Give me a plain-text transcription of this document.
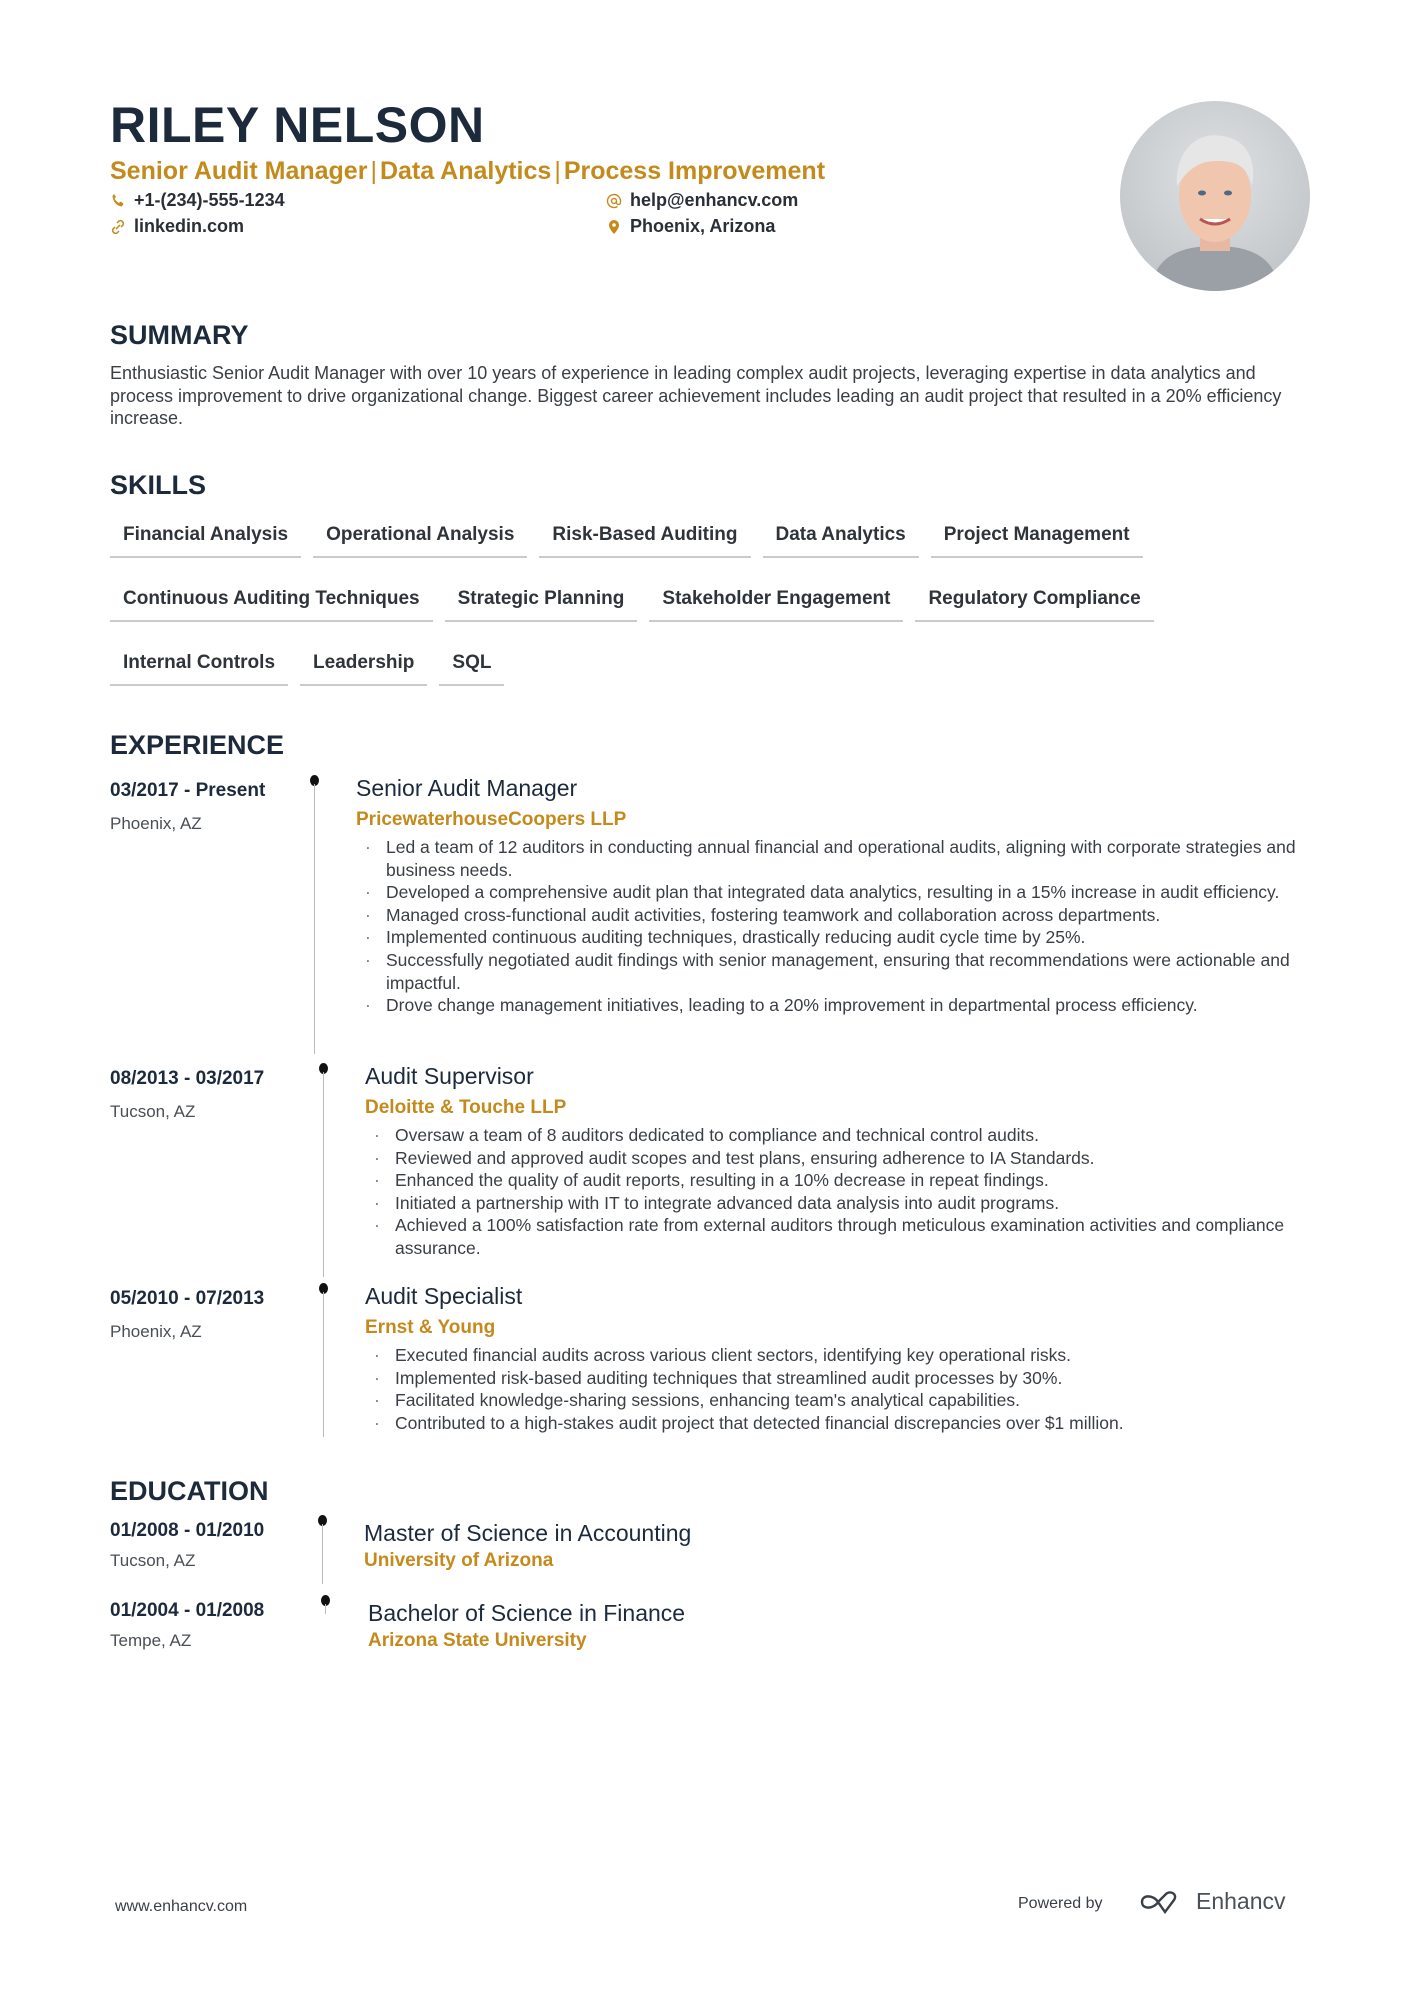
RILEY NELSON
Senior Audit Manager | Data Analytics | Process Improvement
+1-(234)-555-1234
linkedin.com
help@enhancv.com
Phoenix, Arizona
SUMMARY

Enthusiastic Senior Audit Manager with over 10 years of experience in leading complex audit projects, leveraging expertise in data analytics and process improvement to drive organizational change. Biggest career achievement includes leading an audit project that resulted in a 20% efficiency increase.

SKILLS
Financial Analysis	Operational Analysis	Risk-Based Auditing	Data Analytics	Project Management
Continuous Auditing Techniques	Strategic Planning	Stakeholder Engagement	Regulatory Compliance
Internal Controls	Leadership	SQL
EXPERIENCE
03/2017 - Present
Phoenix, AZ
Senior Audit Manager
PricewaterhouseCoopers LLP
· Led a team of 12 auditors in conducting annual financial and operational audits, aligning with corporate strategies and business needs.
· Developed a comprehensive audit plan that integrated data analytics, resulting in a 15% increase in audit efficiency.
· Managed cross-functional audit activities, fostering teamwork and collaboration across departments.
· Implemented continuous auditing techniques, drastically reducing audit cycle time by 25%.
· Successfully negotiated audit findings with senior management, ensuring that recommendations were actionable and impactful.
· Drove change management initiatives, leading to a 20% improvement in departmental process efficiency.
08/2013 - 03/2017
Tucson, AZ
Audit Supervisor
Deloitte & Touche LLP
· Oversaw a team of 8 auditors dedicated to compliance and technical control audits.
· Reviewed and approved audit scopes and test plans, ensuring adherence to IA Standards.
· Enhanced the quality of audit reports, resulting in a 10% decrease in repeat findings.
· Initiated a partnership with IT to integrate advanced data analysis into audit programs.
· Achieved a 100% satisfaction rate from external auditors through meticulous examination activities and compliance assurance.
05/2010 - 07/2013
Phoenix, AZ
Audit Specialist
Ernst & Young
· Executed financial audits across various client sectors, identifying key operational risks.
· Implemented risk-based auditing techniques that streamlined audit processes by 30%.
· Facilitated knowledge-sharing sessions, enhancing team's analytical capabilities.
· Contributed to a high-stakes audit project that detected financial discrepancies over $1 million.
EDUCATION
01/2008 - 01/2010
Tucson, AZ
Master of Science in Accounting
University of Arizona
01/2004 - 01/2008
Tempe, AZ
Bachelor of Science in Finance
Arizona State University
www.enhancv.com	Powered by	Enhancv
